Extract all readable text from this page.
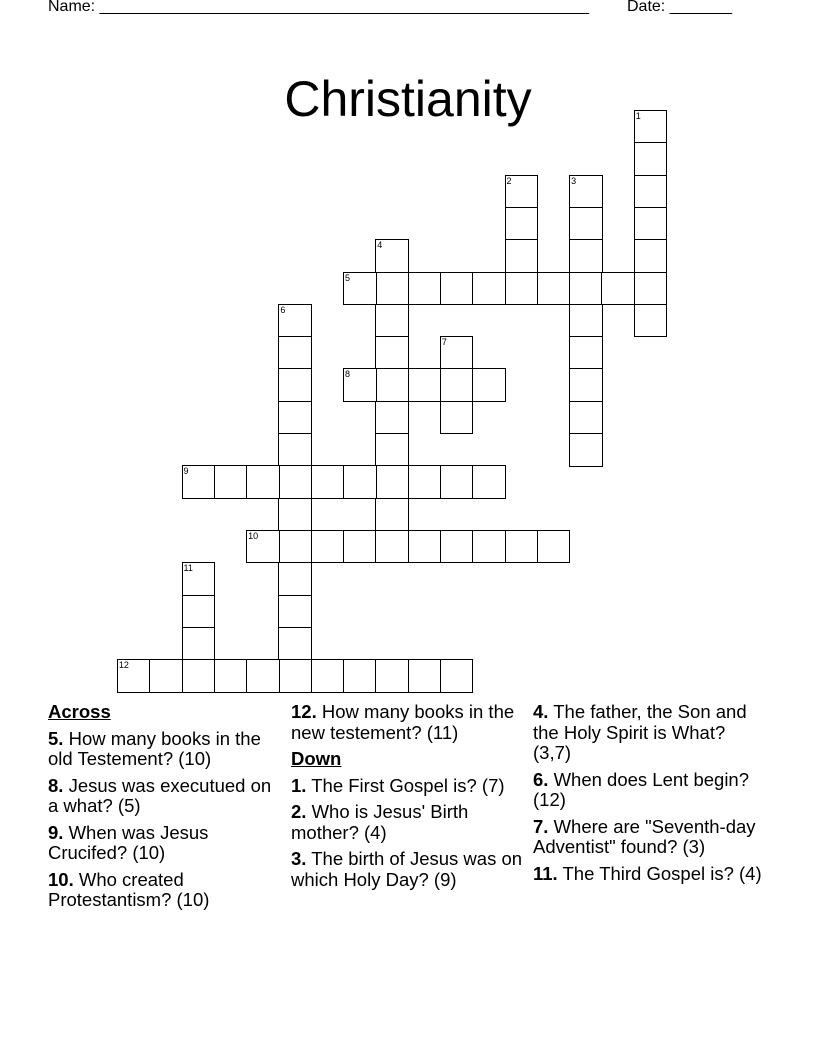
Name: _______________________________________________________ Date: _______
Christianity	1
2	3
4
5
6
7
8
9
10
11
12
Across
5. How many books in the old Testement? (10)
8. Jesus was executued on a what? (5)
9. When was Jesus Crucifed? (10)
10. Who created Protestantism? (10)
12. How many books in the new testement? (11)
Down
1. The First Gospel is? (7)
2. Who is Jesus' Birth mother? (4)
3. The birth of Jesus was on which Holy Day? (9)
4. The father, the Son and the Holy Spirit is What? (3,7)
6. When does Lent begin? (12)
7. Where are "Seventh-day Adventist" found? (3)
11. The Third Gospel is? (4)
